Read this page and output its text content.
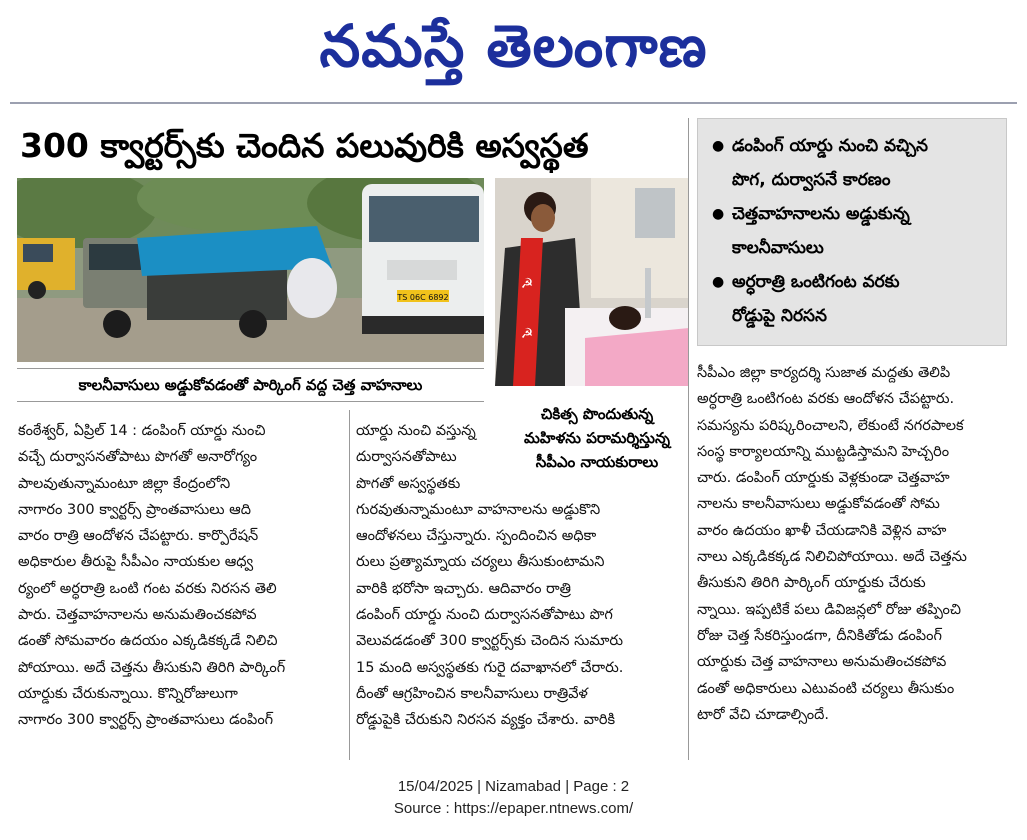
నమస్తే తెలంగాణ
300 క్వార్టర్స్‌కు చెందిన పలువురికి అస్వస్థత
TS 06C 6892
కాలనీవాసులు అడ్డుకోవడంతో పార్కింగ్ వద్ద చెత్త వాహనాలు
☭
☭
చికిత్స పొందుతున్న
మహిళను పరామర్శిస్తున్న
సీపీఎం నాయకురాలు
● డంపింగ్ యార్డు నుంచి వచ్చిన
పొగ, దుర్వాసనే కారణం
● చెత్తవాహనాలను అడ్డుకున్న
కాలనీవాసులు
● అర్ధరాత్రి ఒంటిగంట వరకు
రోడ్డుపై నిరసన
కంఠేశ్వర్, ఏప్రిల్ 14 : డంపింగ్ యార్డు నుంచి
వచ్చే దుర్వాసనతోపాటు పొగతో అనారోగ్యం
పాలవుతున్నామంటూ జిల్లా కేంద్రంలోని
నాగారం 300 క్వార్టర్స్ ప్రాంతవాసులు ఆది
వారం రాత్రి ఆందోళన చేపట్టారు. కార్పొరేషన్
అధికారుల తీరుపై సీపీఎం నాయకుల ఆధ్వ
ర్యంలో అర్ధరాత్రి ఒంటి గంట వరకు నిరసన తెలి
పారు. చెత్తవాహనాలను అనుమతించకపోవ
డంతో సోమవారం ఉదయం ఎక్కడికక్కడే నిలిచి
పోయాయి. అదే చెత్తను తీసుకుని తిరిగి పార్కింగ్
యార్డుకు చేరుకున్నాయి. కొన్నిరోజులుగా
నాగారం 300 క్వార్టర్స్ ప్రాంతవాసులు డంపింగ్
యార్డు నుంచి వస్తున్న
దుర్వాసనతోపాటు
పొగతో అస్వస్థతకు
గురవుతున్నామంటూ వాహనాలను అడ్డుకొని
ఆందోళనలు చేస్తున్నారు. స్పందించిన అధికా
రులు ప్రత్యామ్నాయ చర్యలు తీసుకుంటామని
వారికి భరోసా ఇచ్చారు. ఆదివారం రాత్రి
డంపింగ్ యార్డు నుంచి దుర్వాసనతోపాటు పొగ
వెలువడడంతో 300 క్వార్టర్స్‌కు చెందిన సుమారు
15 మంది అస్వస్థతకు గురై దవాఖానలో చేరారు.
దీంతో ఆగ్రహించిన కాలనీవాసులు రాత్రివేళ
రోడ్డుపైకి చేరుకుని నిరసన వ్యక్తం చేశారు. వారికి
సీపీఎం జిల్లా కార్యదర్శి సుజాత మద్దతు తెలిపి
అర్ధరాత్రి ఒంటిగంట వరకు ఆందోళన చేపట్టారు.
సమస్యను పరిష్కరించాలని, లేకుంటే నగరపాలక
సంస్థ కార్యాలయాన్ని ముట్టడిస్తామని హెచ్చరిం
చారు. డంపింగ్ యార్డుకు వెళ్లకుండా చెత్తవాహ
నాలను కాలనీవాసులు అడ్డుకోవడంతో సోమ
వారం ఉదయం ఖాళీ చేయడానికి వెళ్లిన వాహ
నాలు ఎక్కడికక్కడ నిలిచిపోయాయి. అదే చెత్తను
తీసుకుని తిరిగి పార్కింగ్ యార్డుకు చేరుకు
న్నాయి. ఇప్పటికే పలు డివిజన్లలో రోజు తప్పించి
రోజు చెత్త సేకరిస్తుండగా, దీనికితోడు డంపింగ్
యార్డుకు చెత్త వాహనాలు అనుమతించకపోవ
డంతో అధికారులు ఎటువంటి చర్యలు తీసుకుం
టారో వేచి చూడాల్సిందే.
15/04/2025 | Nizamabad | Page : 2
Source : https://epaper.ntnews.com/
